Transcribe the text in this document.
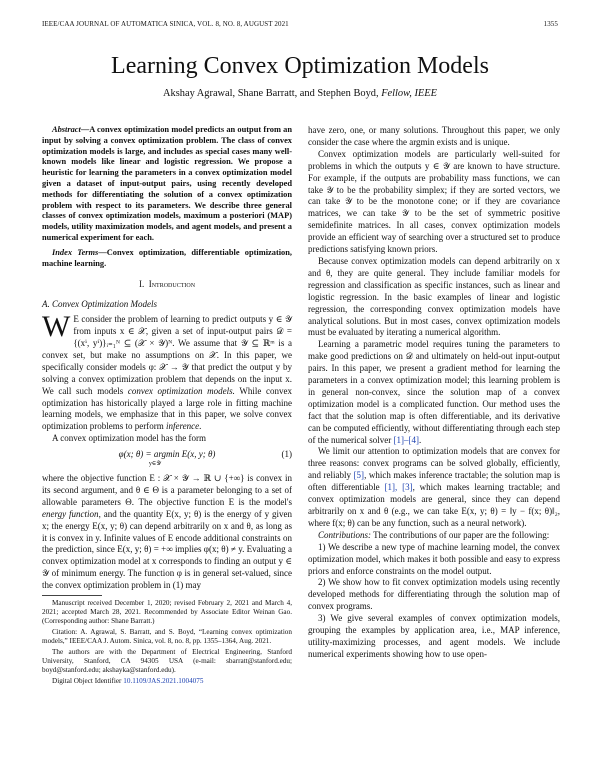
IEEE/CAA JOURNAL OF AUTOMATICA SINICA, VOL. 8, NO. 8, AUGUST 2021	1355
Learning Convex Optimization Models
Akshay Agrawal, Shane Barratt, and Stephen Boyd, Fellow, IEEE

Abstract—A convex optimization model predicts an output from an input by solving a convex optimization problem. The class of convex optimization models is large, and includes as special cases many well-known models like linear and logistic regression. We propose a heuristic for learning the parameters in a convex optimization model given a dataset of input-output pairs, using recently developed methods for differentiating the solution of a convex optimization problem with respect to its parameters. We describe three general classes of convex optimization models, maximum a posteriori (MAP) models, utility maximization models, and agent models, and present a numerical experiment for each.

Index Terms—Convex optimization, differentiable optimization, machine learning.

I. Introduction
A. Convex Optimization Models

W E consider the problem of learning to predict outputs y ∈ 𝒴 from inputs x ∈ 𝒳, given a set of input-output pairs 𝒟 = {(xⁱ, yⁱ)}ᵢ₌₁ᴺ ⊆ (𝒳 × 𝒴)ᴺ. We assume that 𝒴 ⊆ ℝᵐ is a convex set, but make no assumptions on 𝒳. In this paper, we specifically consider models φ: 𝒳 → 𝒴 that predict the output y by solving a convex optimization problem that depends on the input x. We call such models convex optimization models. While convex optimization has historically played a large role in fitting machine learning models, we emphasize that in this paper, we solve convex optimization problems to perform inference.

A convex optimization model has the form

φ(x; θ) = argmin E(x, y; θ)
y∈𝒴
(1)

where the objective function E : 𝒳 × 𝒴 → ℝ ∪ {+∞} is convex in its second argument, and θ ∈ Θ is a parameter belonging to a set of allowable parameters Θ. The objective function E is the model's energy function, and the quantity E(x, y; θ) is the energy of y given x; the energy E(x, y; θ) can depend arbitrarily on x and θ, as long as it is convex in y. Infinite values of E encode additional constraints on the prediction, since E(x, y; θ) = +∞ implies φ(x; θ) ≠ y. Evaluating a convex optimization model at x corresponds to finding an output y ∈ 𝒴 of minimum energy. The function φ is in general set-valued, since the convex optimization problem in (1) may

Manuscript received December 1, 2020; revised February 2, 2021 and March 4, 2021; accepted March 28, 2021. Recommended by Associate Editor Weinan Gao. (Corresponding author: Shane Barratt.)

Citation: A. Agrawal, S. Barratt, and S. Boyd, “Learning convex optimization models,” IEEE/CAA J. Autom. Sinica, vol. 8, no. 8, pp. 1355–1364, Aug. 2021.

The authors are with the Department of Electrical Engineering, Stanford University, Stanford, CA 94305 USA (e-mail: sbarratt@stanford.edu; boyd@stanford.edu; akshayka@stanford.edu).

Digital Object Identifier 10.1109/JAS.2021.1004075

have zero, one, or many solutions. Throughout this paper, we only consider the case where the argmin exists and is unique.

Convex optimization models are particularly well-suited for problems in which the outputs y ∈ 𝒴 are known to have structure. For example, if the outputs are probability mass functions, we can take 𝒴 to be the probability simplex; if they are sorted vectors, we can take 𝒴 to be the monotone cone; or if they are covariance matrices, we can take 𝒴 to be the set of symmetric positive semidefinite matrices. In all cases, convex optimization models provide an efficient way of searching over a structured set to produce predictions satisfying known priors.

Because convex optimization models can depend arbitrarily on x and θ, they are quite general. They include familiar models for regression and classification as specific instances, such as linear and logistic regression. In the basic examples of linear and logistic regression, the corresponding convex optimization models have analytical solutions. But in most cases, convex optimization models must be evaluated by iterating a numerical algorithm.

Learning a parametric model requires tuning the parameters to make good predictions on 𝒟 and ultimately on held-out input-output pairs. In this paper, we present a gradient method for learning the parameters in a convex optimization model; this learning problem is in general non-convex, since the solution map of a convex optimization model is a complicated function. Our method uses the fact that the solution map is often differentiable, and its derivative can be computed efficiently, without differentiating through each step of the numerical solver [1]–[4].

We limit our attention to optimization models that are convex for three reasons: convex programs can be solved globally, efficiently, and reliably [5], which makes inference tractable; the solution map is often differentiable [1], [3], which makes learning tractable; and convex optimization models are general, since they can depend arbitrarily on x and θ (e.g., we can take E(x, y; θ) = ‖y − f(x; θ)‖₂, where f(x; θ) can be any function, such as a neural network).

Contributions: The contributions of our paper are the following:

1) We describe a new type of machine learning model, the convex optimization model, which makes it both possible and easy to express priors and enforce constraints on the model output.

2) We show how to fit convex optimization models using recently developed methods for differentiating through the solution map of convex programs.

3) We give several examples of convex optimization models, grouping the examples by application area, i.e., MAP inference, utility-maximizing processes, and agent models. We include numerical experiments showing how to use open-
